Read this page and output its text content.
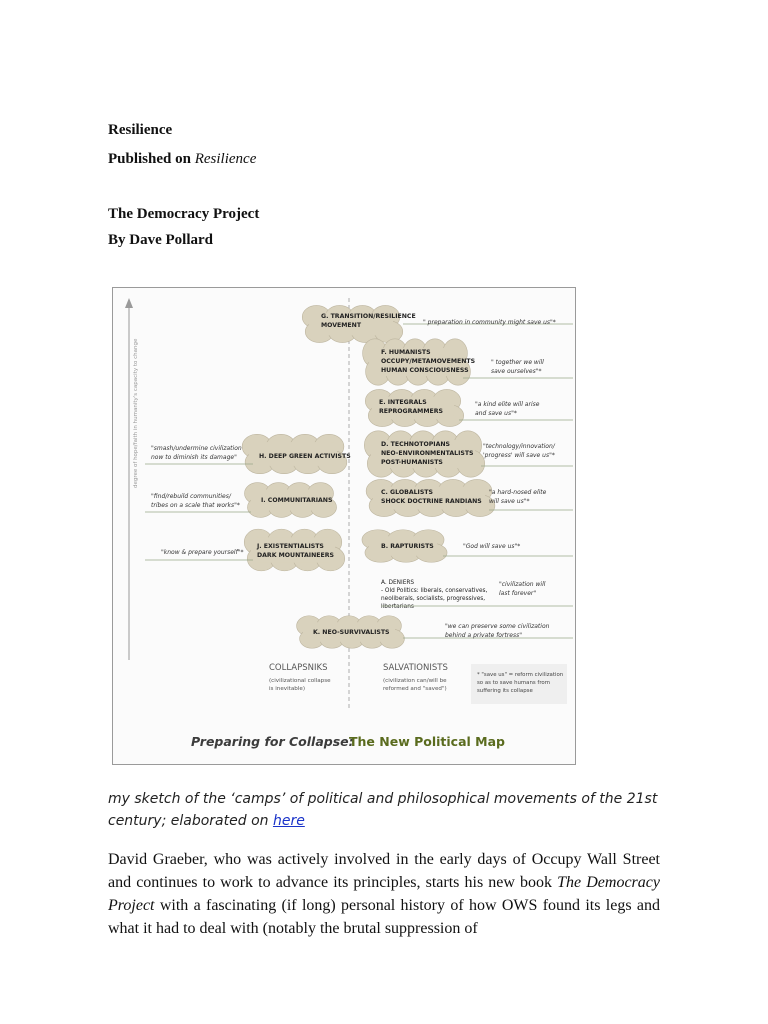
Resilience
Published on Resilience
The Democracy Project
By Dave Pollard
degree of hope/faith in humanity's capacity to change
G. TRANSITION/RESILIENCE
MOVEMENT	" preparation in community might save us"*
F. HUMANISTS
OCCUPY/METAMOVEMENTS
HUMAN CONSCIOUSNESS
" together we will
save ourselves"*
E. INTEGRALS
REPROGRAMMERS
"a kind elite will arise
and save us"*
D. TECHNOTOPIANS
NEO-ENVIRONMENTALISTS
POST-HUMANISTS
"technology/innovation/
'progress' will save us"*
C. GLOBALISTS
SHOCK DOCTRINE RANDIANS
"a hard-nosed elite
will save us"*
B. RAPTURISTS	"God will save us"*
A. DENIERS
- Old Politics: liberals, conservatives,
neoliberals, socialists, progressives,
libertarians
"civilization will
last forever"
H. DEEP GREEN ACTIVISTS
"smash/undermine civilization
now to diminish its damage"
I. COMMUNITARIANS
"find/rebuild communities/
tribes on a scale that works"*
J. EXISTENTIALISTS
DARK MOUNTAINEERS
"know & prepare yourself"*
K. NEO-SURVIVALISTS
"we can preserve some civilization
behind a private fortress"
COLLAPSNIKS
(civilizational collapse
is inevitable)
SALVATIONISTS
(civilization can/will be
reformed and "saved")
* "save us" = reform civilization
so as to save humans from
suffering its collapse
Preparing for Collapse:
The New Political Map
my sketch of the ‘camps’ of political and philosophical movements of the 21st century; elaborated on here
David Graeber, who was actively involved in the early days of Occupy Wall Street and continues to work to advance its principles, starts his new book The Democracy Project with a fascinating (if long) personal history of how OWS found its legs and what it had to deal with (notably the brutal suppression of
